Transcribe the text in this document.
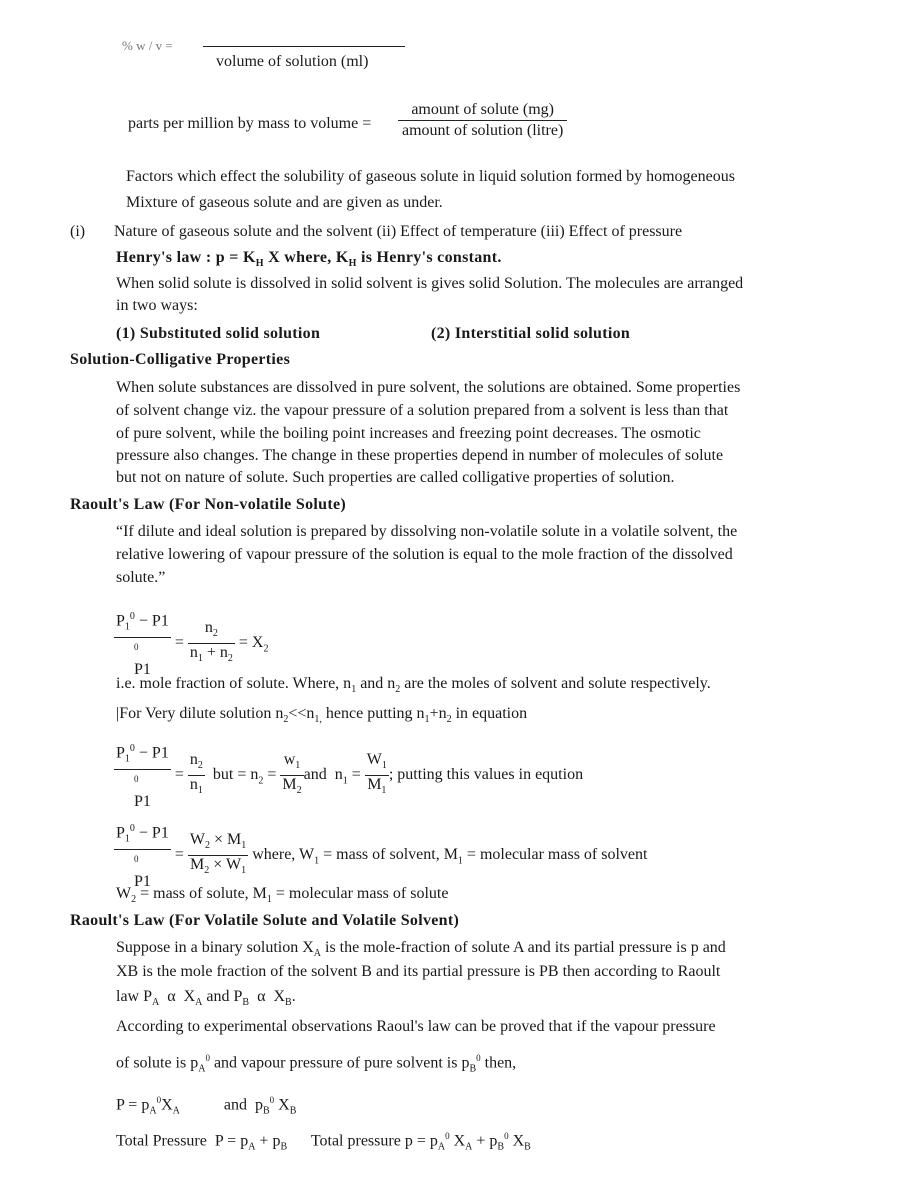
% w / v =
volume of solution (ml)
parts per million by mass to volume =
amount of solute (mg)
amount of solution (litre)
Factors which effect the solubility of gaseous solute in liquid solution formed by homogeneous
Mixture of gaseous solute and are given as under.
(i) Nature of gaseous solute and the solvent (ii) Effect of temperature (iii) Effect of pressure
Henry's law : $p = K_H$ X where, $K_H$ is Henry's constant.
When solid solute is dissolved in solid solvent is gives solid Solution. The molecules are arranged
in two ways:
(1) Substituted solid solution	(2) Interstitial solid solution
Solution-Colligative Properties
When solute substances are dissolved in pure solvent, the solutions are obtained. Some properties
of solvent change viz. the vapour pressure of a solution prepared from a solvent is less than that
of pure solvent, while the boiling point increases and freezing point decreases. The osmotic
pressure also changes. The change in these properties depend in number of molecules of solute
but not on nature of solute. Such properties are called colligative properties of solution.
Raoult's Law (For Non-volatile Solute)
“If dilute and ideal solution is prepared by dissolving non-volatile solute in a volatile solvent, the
relative lowering of vapour pressure of the solution is equal to the mole fraction of the dissolved
solute.”
$P_1^0 - P1$
$^0$
P1
= $\frac{n_2}{n_1 + n_2} = X_2$
i.e. mole fraction of solute. Where, $n_1$ and $n_2$ are the moles of solvent and solute respectively.
|For Very dilute solution $n_2<<n_{1,}$ hence putting $n_1+n_2$ in equation
$P_1^0 - P1$
$^0$
P1
= $\frac{n_2}{n_1}$ but = $n_2 = \frac{w_1}{M_2}$ and  $n_1 = \frac{W_1}{M_1}$ ; putting this values in eqution
$P_1^0 - P1$
$^0$
P1
= $\frac{W_2 \times M_1}{M_2 \times W_1}$ where, $W_1$ = mass of solvent, $M_1$ = molecular mass of solvent
$W_2$ = mass of solute, $M_1$ = molecular mass of solute
Raoult's Law (For Volatile Solute and Volatile Solvent)
Suppose in a binary solution $X_A$ is the mole-fraction of solute A and its partial pressure is p and
XB is the mole fraction of the solvent B and its partial pressure is PB then according to Raoult
law $P_A$  α  $X_A$ and $P_B$  α  $X_B$.
According to experimental observations Raoul's law can be proved that if the vapour pressure
of solute is $p_A^0$ and vapour pressure of pure solvent is $p_B^0$ then,
$P = p_A^0X_A$	and  $p_B^0$ $X_B$
Total Pressure  $P = p_A + p_B$ Total pressure $p = p_A^0$ $X_A + p_B^0$ $X_B$
